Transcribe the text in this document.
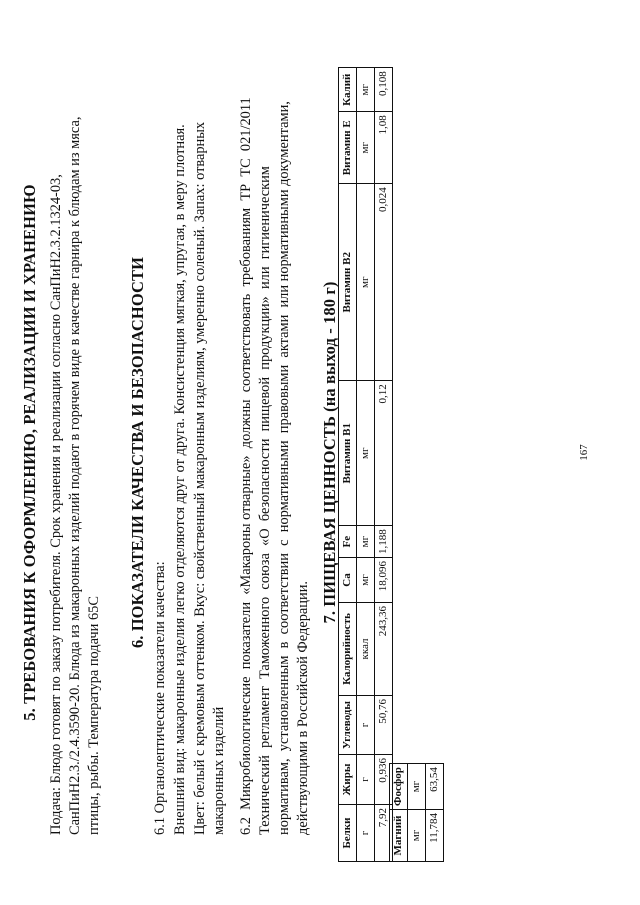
5. ТРЕБОВАНИЯ К ОФОРМЛЕНИЮ, РЕАЛИЗАЦИИ И ХРАНЕНИЮ Подача: Блюдо готовят по заказу потребителя. Срок хранения и реализации согласно СанПиН2.3.2.1324-03, СанПиН2.3./2.4.3590-20. Блюда из макаронных изделий подают в горячем виде в качестве гарнира к блюдам из мяса, птицы, рыбы. Температура подачи 65С
6. ПОКАЗАТЕЛИ КАЧЕСТВА И БЕЗОПАСНОСТИ
6.1 Органолептические показатели качества: Внешний вид: макаронные изделия легко отделяются друг от друга. Консистенция мягкая, упругая, в меру плотная. Цвет: белый с кремовым оттенком. Вкус: свойственный макаронным изделиям, умеренно соленый. Запах: отварных макаронных изделий 6.2  Микробиологические  показатели  «Макароны отварные»  должны  соответствовать  требованиям  ТР  ТС  021/2011 Технический  регламент  Таможенного  союза  «О  безопасности  пищевой  продукции»  или  гигиеническим нормативам,  установленным  в  соответствии  с  нормативными  правовыми  актами  или нормативными документами, действующими в Российской Федерации.
7. ПИЩЕВАЯ ЦЕННОСТЬ (на выход - 180 г)
Белки	Жиры	Углеводы	Калорийность	Ca	Fe	Витамин B1	Витамин B2	Витамин E	Калий
г	г	г	ккал	мг	мг	мг	мг	мг	мг
7,92	0,936	50,76	243,36	18,096	1,188	0,12	0,024	1,08	0,108
Магний	Фосфор
мг	мг
11,784	63,54
167
